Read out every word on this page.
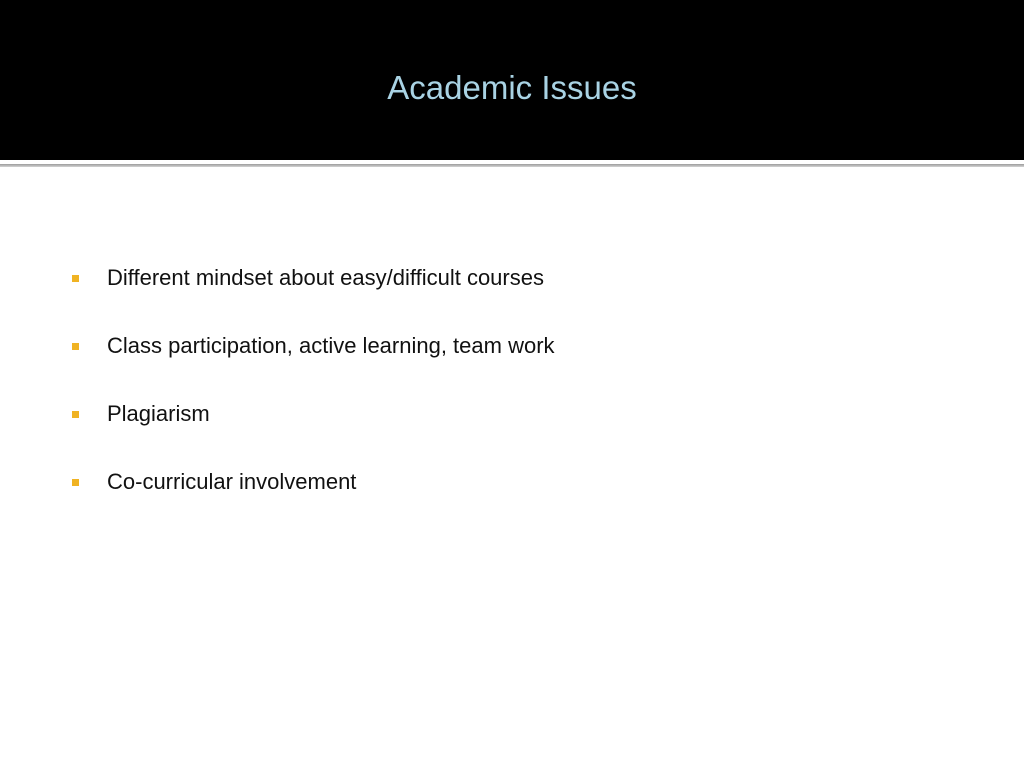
Academic Issues
Different mindset about easy/difficult courses
Class participation, active learning, team work
Plagiarism
Co-curricular involvement
